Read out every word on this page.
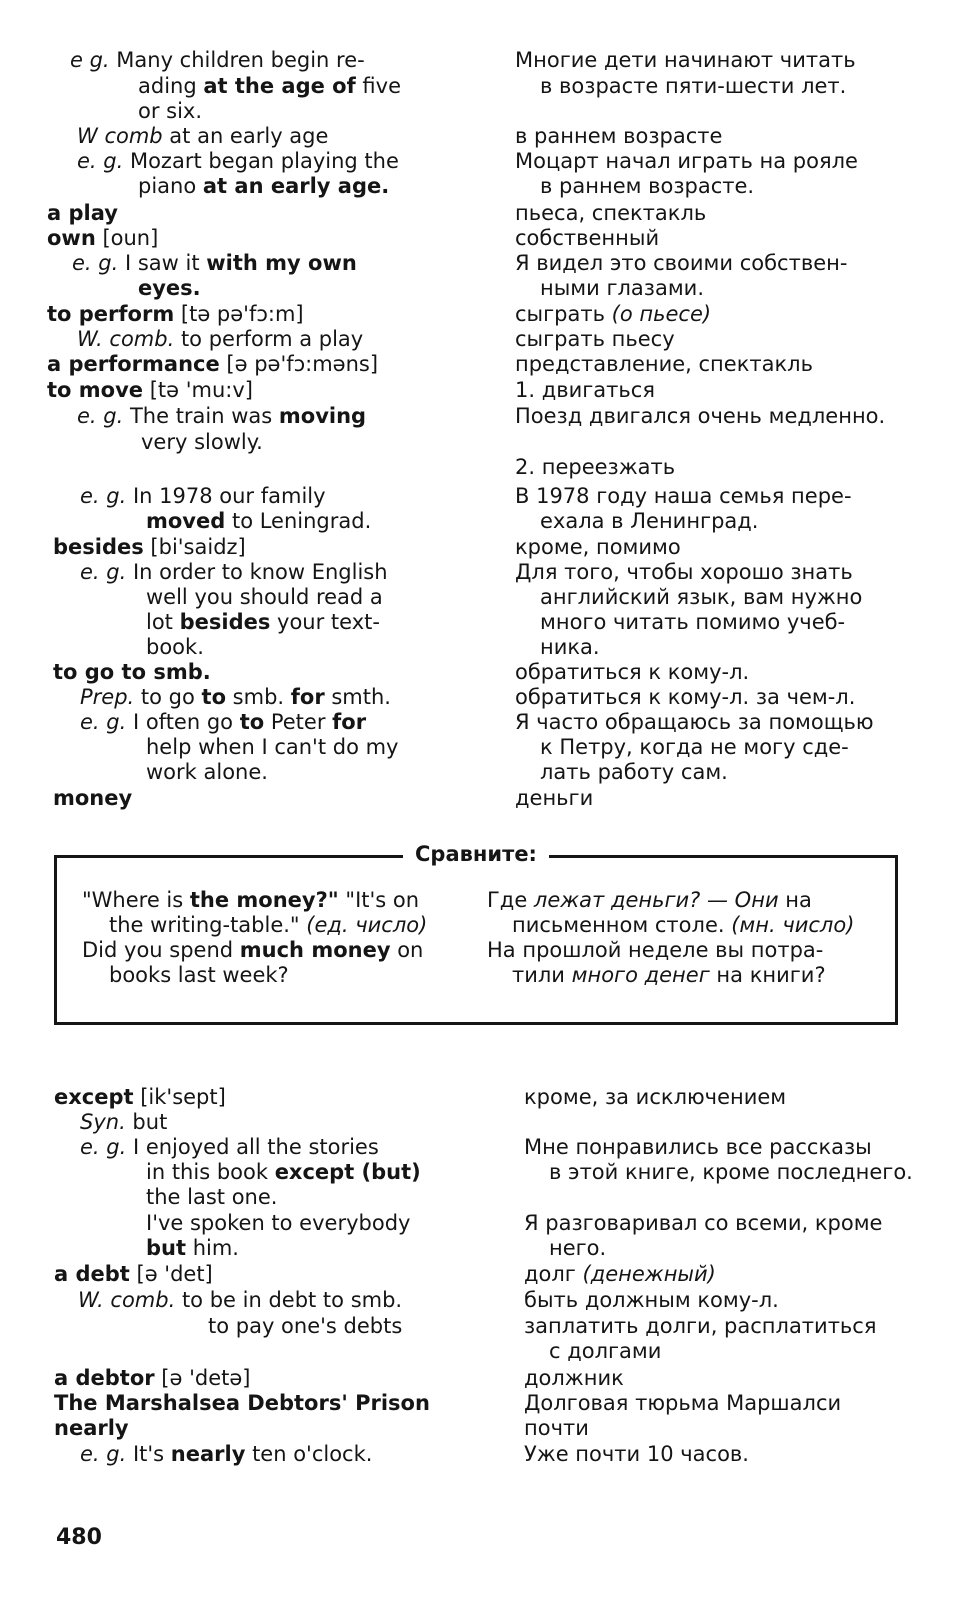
e g. Many children begin re-	Многие дети начинают читать
ading at the age of five	в возрасте пяти-шести лет.
or six.
W comb at an early age	в раннем возрасте
e. g. Mozart began playing the	Моцарт начал играть на рояле
piano at an early age.	в раннем возрасте.
a play	пьеса, спектакль
own [oun]	собственный
e. g. I saw it with my own	Я видел это своими собствен-
eyes.	ными глазами.
to perform [tə pə'fɔ:m]	сыграть (о пьесе)
W. comb. to perform a play	сыграть пьесу
a performance [ə pə'fɔ:məns]	представление, спектакль
to move [tə 'mu:v]	1. двигаться
e. g. The train was moving	Поезд двигался очень медленно.
very slowly.
2. переезжать
e. g. In 1978 our family	В 1978 году наша семья пере-
moved to Leningrad.	ехала в Ленинград.
besides [bi'saidz]	кроме, помимо
e. g. In order to know English	Для того, чтобы хорошо знать
well you should read a	английский язык, вам нужно
lot besides your text-	много читать помимо учеб-
book.	ника.
to go to smb.	обратиться к кому-л.
Prep. to go to smb. for smth.	обратиться к кому-л. за чем-л.
e. g. I often go to Peter for	Я часто обращаюсь за помощью
help when I can't do my	к Петру, когда не могу сде-
work alone.	лать работу сам.
money	деньги
Сравните:
"Where is the money?" "It's on	Где лежат деньги? — Они на
the writing-table." (ед. число)	письменном столе. (мн. число)
Did you spend much money on	На прошлой неделе вы потра-
books last week?	тили много денег на книги?
except [ik'sept]	кроме, за исключением
Syn. but
e. g. I enjoyed all the stories	Мне понравились все рассказы
in this book except (but)	в этой книге, кроме последнего.
the last one.
I've spoken to everybody	Я разговаривал со всеми, кроме
but him.	него.
a debt [ə 'det]	долг (денежный)
W. comb. to be in debt to smb.	быть должным кому-л.
to pay one's debts	заплатить долги, расплатиться
с долгами
a debtor [ə 'detə]	должник
The Marshalsea Debtors' Prison	Долговая тюрьма Маршалси
nearly	почти
e. g. It's nearly ten o'clock.	Уже почти 10 часов.
480
